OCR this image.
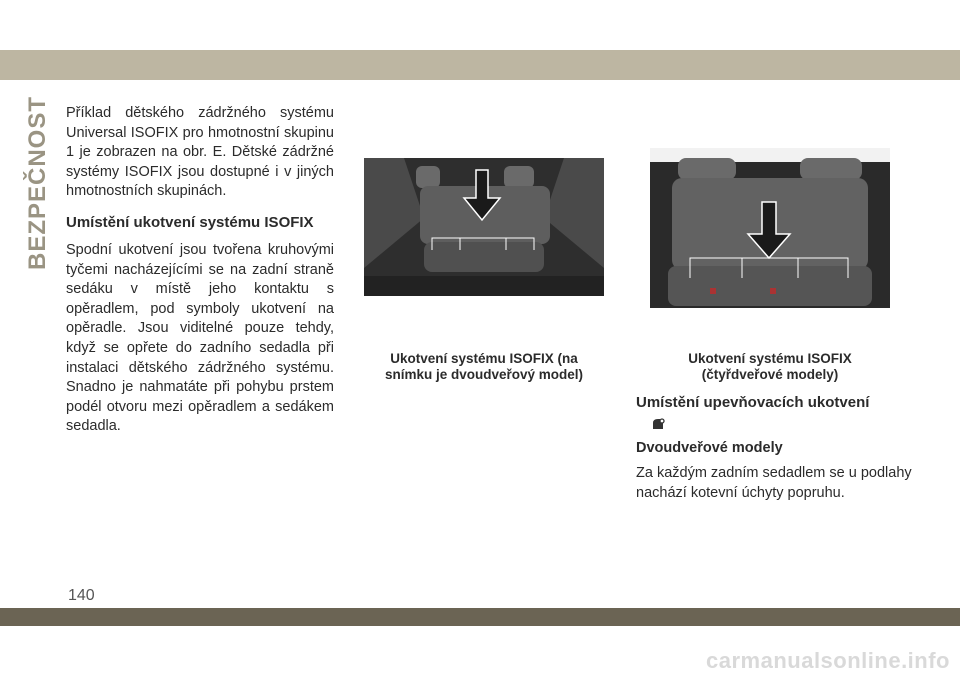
BEZPEČNOST Příklad dětského zádržného systému Universal ISOFIX pro hmotnostní skupinu 1 je zobrazen na obr. E. Dětské zádržné systémy ISOFIX jsou dostupné i v jiných hmotnostních skupinách.

Umístění ukotvení systému ISOFIX

Spodní ukotvení jsou tvořena kruhovými tyčemi nacházejícími se na zadní straně sedáku v místě jeho kontaktu s opěradlem, pod symboly ukotvení na opěradle. Jsou viditelné pouze tehdy, když se opřete do zadního sedadla při instalaci dětského zádržného systému. Snadno je nahmatáte při pohybu prstem podél otvoru mezi opěradlem a sedákem sedadla.

Ukotvení systému ISOFIX (na
snímku je dvoudveřový model)
Ukotvení systému ISOFIX
(čtyřdveřové modely)
Umístění upevňovacích ukotvení
Dvoudveřové modely

Za každým zadním sedadlem se u podlahy nachází kotevní úchyty popruhu.

140
carmanualsonline.info
